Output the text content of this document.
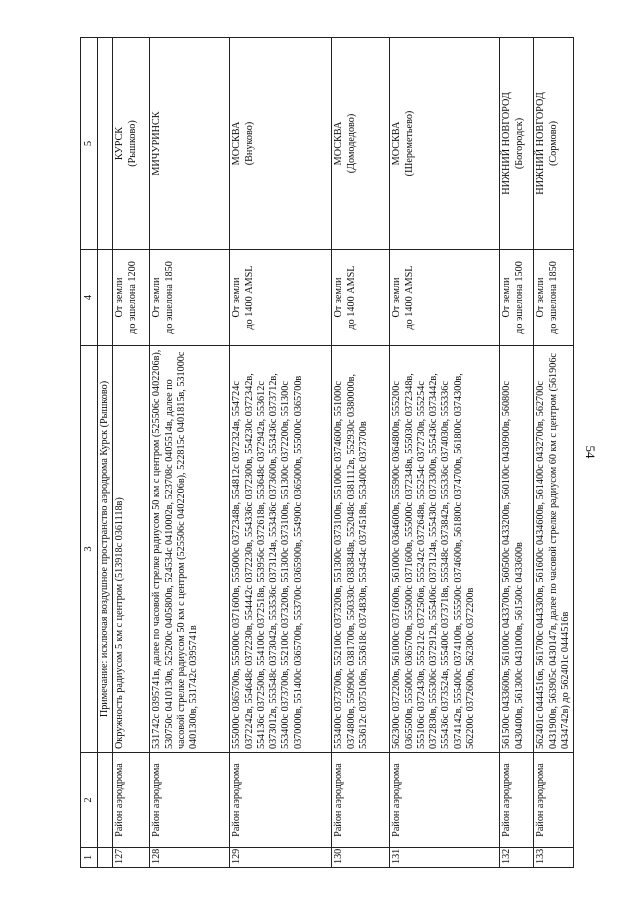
54
1	2	3	4	5
		Примечание: исключая воздушное пространство аэродрома Курск (Рышково)		
127	Район аэродрома	Окружность радиусом 5 км с центром (513918с 0361118в)	От земли
до эшелона 1200	КУРСК
(Рышково)
128	Район аэродрома	531742с 0395741в, далее по часовой стрелке радиусом 50 км с центром (525506с 0402206в), 530750с 0410130в, 525200с 0405800в, 524534с 0410002в, 523708с 0405514в, далее по часовой стрелке радиусом 50 км с центром (525506с 0402206в), 522815с 0401815в, 531000с 0401300в, 531742с 0395741в	От земли
до эшелона 1850	МИЧУРИНСК
129	Район аэродрома	555000с 0365700в, 555000с 0371600в, 555000с 0372348в, 554812с 0372324в, 554724с 0372242в, 554648с 0372230в, 554442с 0372230в, 554336с 0372300в, 554230с 0372342в, 554136с 0372500в, 554100с 0372518в, 553956с 0372618в, 553648с 0372942в, 553612с 0373012в, 553548с 0373042в, 553536с 0373124в, 553436с 0373600в, 553436с 0373712в, 553400с 0373700в, 552100с 0373200в, 551300с 0373100в, 551300с 0372200в, 551300с 0370000в, 551400с 0365700в, 553700с 0365900в, 554900с 0365000в, 555000с 0365700в	От земли
до 1400 AMSL	МОСКВА
(Внуково)
130	Район аэродрома	553400с 0373700в, 552100с 0373200в, 551300с 0373100в, 551000с 0374600в, 551000с 0374800в, 550900с 0381700в, 550330с 0383848в, 552048с 0381112в, 552930с 0380000в, 553612с 0375106в, 553618с 0374830в, 553454с 0374518в, 553400с 0373700в	От земли
до 1400 AMSL	МОСКВА
(Домодедово)
131	Район аэродрома	562300с 0372200в, 561000с 0371600в, 561000с 0364600в, 555900с 0364800в, 555200с 0365500в, 555000с 0365700в, 555000с 0371600в, 555000с 0372348в, 555030с 0372348в, 555106с 0372430в, 555212с 0372506в, 555242с 0372648в, 555254с 0372730в, 555254с 0372830в, 555306с 0372912в, 555406с 0373124в, 555430с 0373300в, 555436с 0373442в, 555436с 0373524в, 555400с 0373718в, 555348с 0373842в, 555336с 0374030в, 555336с 0374142в, 555400с 0374100в, 555500с 0374600в, 561800с 0374700в, 561800с 0374300в, 562200с 0372600в, 562300с 0372200в	От земли
до 1400 AMSL	МОСКВА
(Шереметьево)
132	Район аэродрома	561500с 0433600в, 561000с 0433700в, 560500с 0433200в, 560100с 0430900в, 560800с 0430400в, 561300с 0431000в, 561500с 0433600в	От земли
до эшелона 1500	НИЖНИЙ НОВГОРОД
(Богородск)
133	Район аэродрома	562401с 0444516в, 561700с 0443300в, 561600с 0434600в, 561400с 0432700в, 562700с 0431900в, 563905с 0430147в, далее по часовой стрелке радиусом 60 км с центром (561906с 0434742в) до 562401с 0444516в	От земли
до эшелона 1850	НИЖНИЙ НОВГОРОД
(Сормово)
